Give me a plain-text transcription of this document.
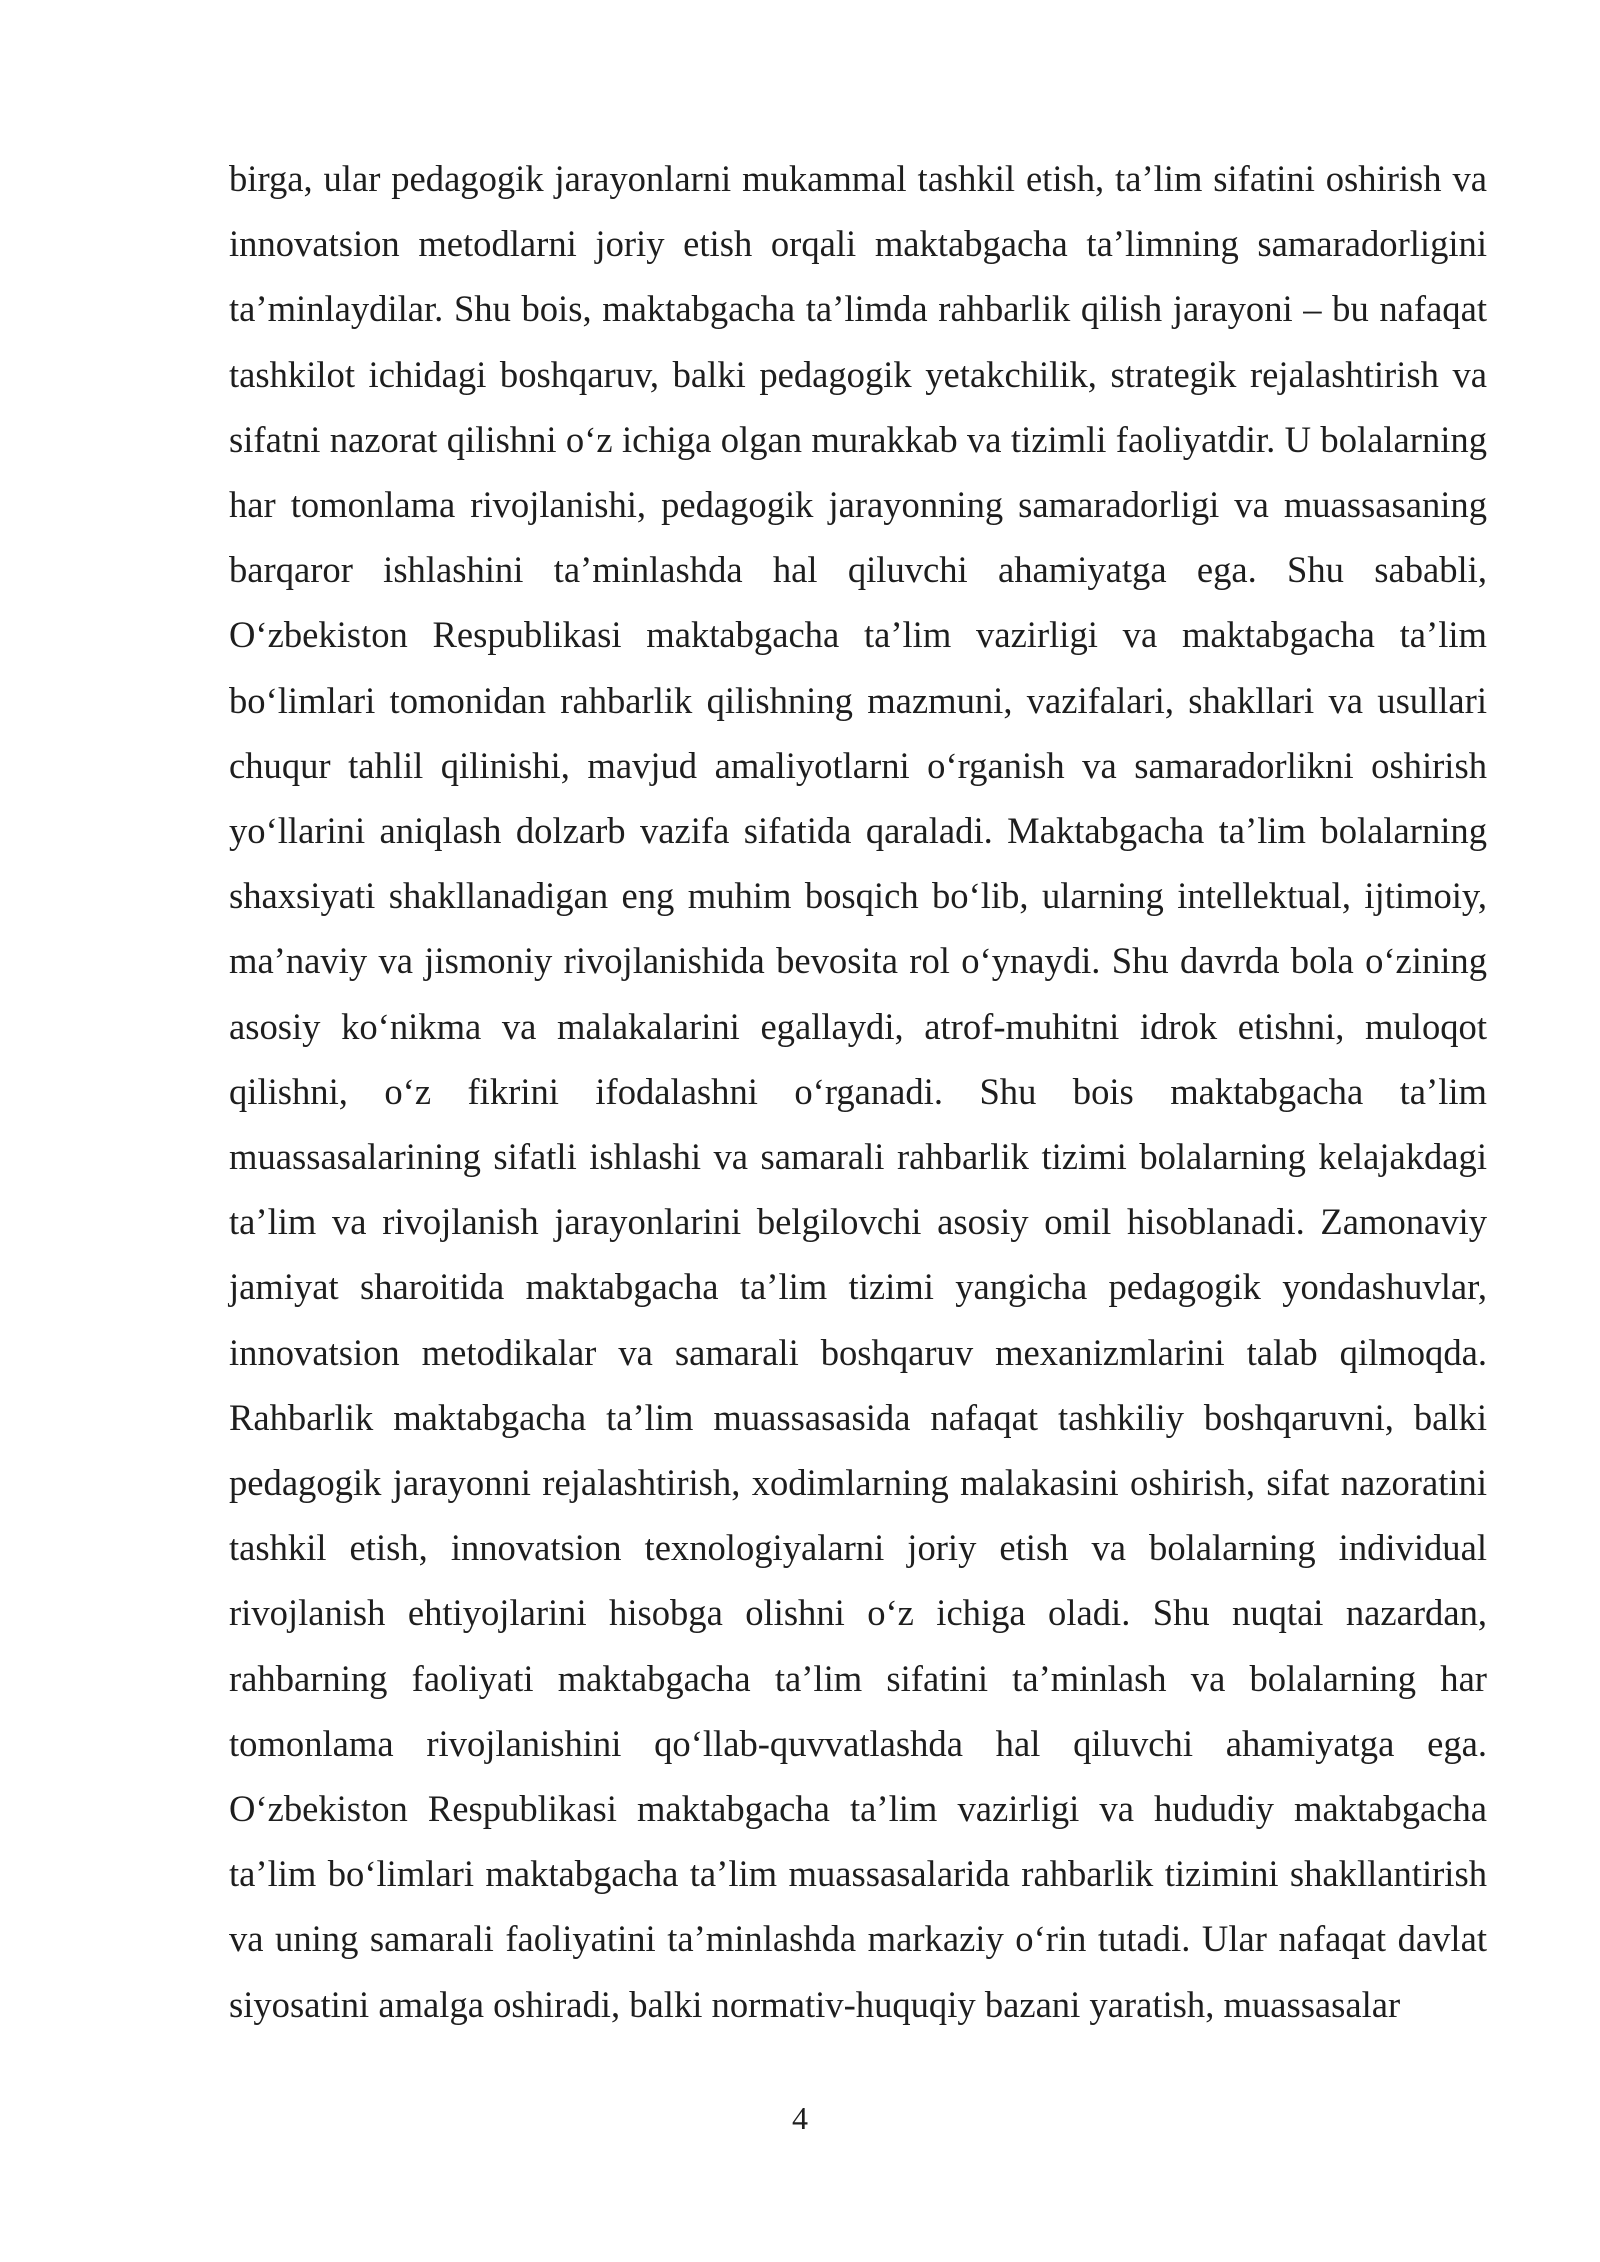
birga, ular pedagogik jarayonlarni mukammal tashkil etish, ta’lim sifatini oshirish va innovatsion metodlarni joriy etish orqali maktabgacha ta’limning samaradorligini ta’minlaydilar. Shu bois, maktabgacha ta’limda rahbarlik qilish jarayoni – bu nafaqat tashkilot ichidagi boshqaruv, balki pedagogik yetakchilik, strategik rejalashtirish va sifatni nazorat qilishni o‘z ichiga olgan murakkab va tizimli faoliyatdir. U bolalarning har tomonlama rivojlanishi, pedagogik jarayonning samaradorligi va muassasaning barqaror ishlashini ta’minlashda hal qiluvchi ahamiyatga ega. Shu sababli, O‘zbekiston Respublikasi maktabgacha ta’lim vazirligi va maktabgacha ta’lim bo‘limlari tomonidan rahbarlik qilishning mazmuni, vazifalari, shakllari va usullari chuqur tahlil qilinishi, mavjud amaliyotlarni o‘rganish va samaradorlikni oshirish yo‘llarini aniqlash dolzarb vazifa sifatida qaraladi. Maktabgacha ta’lim bolalarning shaxsiyati shakllanadigan eng muhim bosqich bo‘lib, ularning intellektual, ijtimoiy, ma’naviy va jismoniy rivojlanishida bevosita rol o‘ynaydi. Shu davrda bola o‘zining asosiy ko‘nikma va malakalarini egallaydi, atrof-muhitni idrok etishni, muloqot qilishni, o‘z fikrini ifodalashni o‘rganadi. Shu bois maktabgacha ta’lim muassasalarining sifatli ishlashi va samarali rahbarlik tizimi bolalarning kelajakdagi ta’lim va rivojlanish jarayonlarini belgilovchi asosiy omil hisoblanadi. Zamonaviy jamiyat sharoitida maktabgacha ta’lim tizimi yangicha pedagogik yondashuvlar, innovatsion metodikalar va samarali boshqaruv mexanizmlarini talab qilmoqda. Rahbarlik maktabgacha ta’lim muassasasida nafaqat tashkiliy boshqaruvni, balki pedagogik jarayonni rejalashtirish, xodimlarning malakasini oshirish, sifat nazoratini tashkil etish, innovatsion texnologiyalarni joriy etish va bolalarning individual rivojlanish ehtiyojlarini hisobga olishni o‘z ichiga oladi. Shu nuqtai nazardan, rahbarning faoliyati maktabgacha ta’lim sifatini ta’minlash va bolalarning har tomonlama rivojlanishini qo‘llab-quvvatlashda hal qiluvchi ahamiyatga ega. O‘zbekiston Respublikasi maktabgacha ta’lim vazirligi va hududiy maktabgacha ta’lim bo‘limlari maktabgacha ta’lim muassasalarida rahbarlik tizimini shakllantirish va uning samarali faoliyatini ta’minlashda markaziy o‘rin tutadi. Ular nafaqat davlat siyosatini amalga oshiradi, balki normativ-huquqiy bazani yaratish, muassasalar

4
